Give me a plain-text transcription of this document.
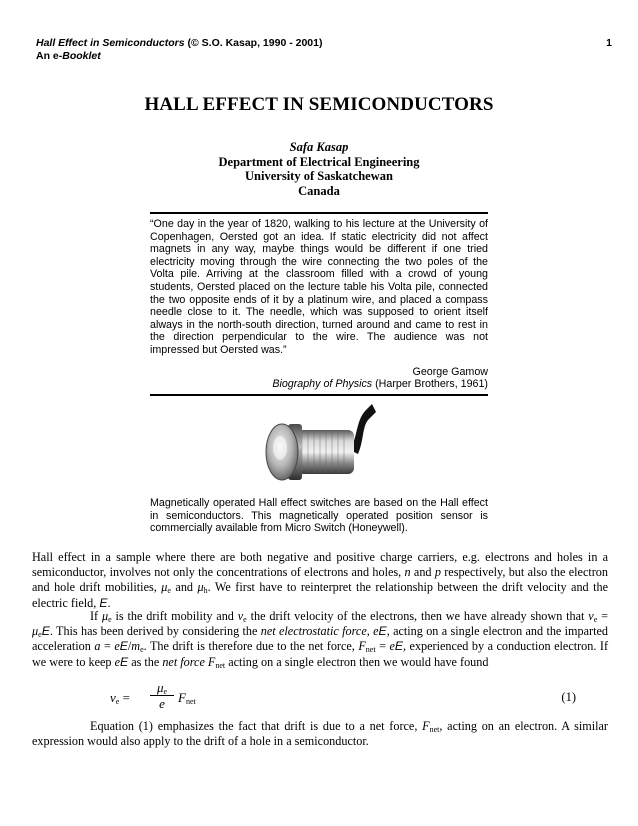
Hall Effect in Semiconductors (© S.O. Kasap, 1990 - 2001)
An e-Booklet
1
HALL EFFECT IN SEMICONDUCTORS
Safa Kasap
Department of Electrical Engineering
University of Saskatchewan
Canada
“One day in the year of 1820, walking to his lecture at the University of Copenhagen, Oersted got an idea. If static electricity did not affect magnets in any way, maybe things would be different if one tried electricity moving through the wire connecting the two poles of the Volta pile. Arriving at the classroom filled with a crowd of young students, Oersted placed on the lecture table his Volta pile, connected the two opposite ends of it by a platinum wire, and placed a compass needle close to it. The needle, which was supposed to orient itself always in the north-south direction, turned around and came to rest in the direction perpendicular to the wire. The audience was not impressed but Oersted was.”
George Gamow
Biography of Physics (Harper Brothers, 1961)
Magnetically operated Hall effect switches are based on the Hall effect in semiconductors. This magnetically operated position sensor is commercially available from Micro Switch (Honeywell).
Hall effect in a sample where there are both negative and positive charge carriers, e.g. electrons and holes in a semiconductor, involves not only the concentrations of electrons and holes, n and p respectively, but also the electron and hole drift mobilities, $\mu_e$ and $\mu_h$. We first have to reinterpret the relationship between the drift velocity and the electric field, E.
If $\mu_e$ is the drift mobility and $v_e$ the drift velocity of the electrons, then we have already shown that $v_e = \mu_eE$. This has been derived by considering the net electrostatic force, eE, acting on a single electron and the imparted acceleration $a = eE/m_e$. The drift is therefore due to the net force, $F_{net}$ = eE, experienced by a conduction electron. If we were to keep eE as the net force $F_{net}$ acting on a single electron then we would have found
$v_e = \frac{\mu_e}{e} F_{net}$	(1)
Equation (1) emphasizes the fact that drift is due to a net force, $F_{net}$, acting on an electron. A similar expression would also apply to the drift of a hole in a semiconductor.
